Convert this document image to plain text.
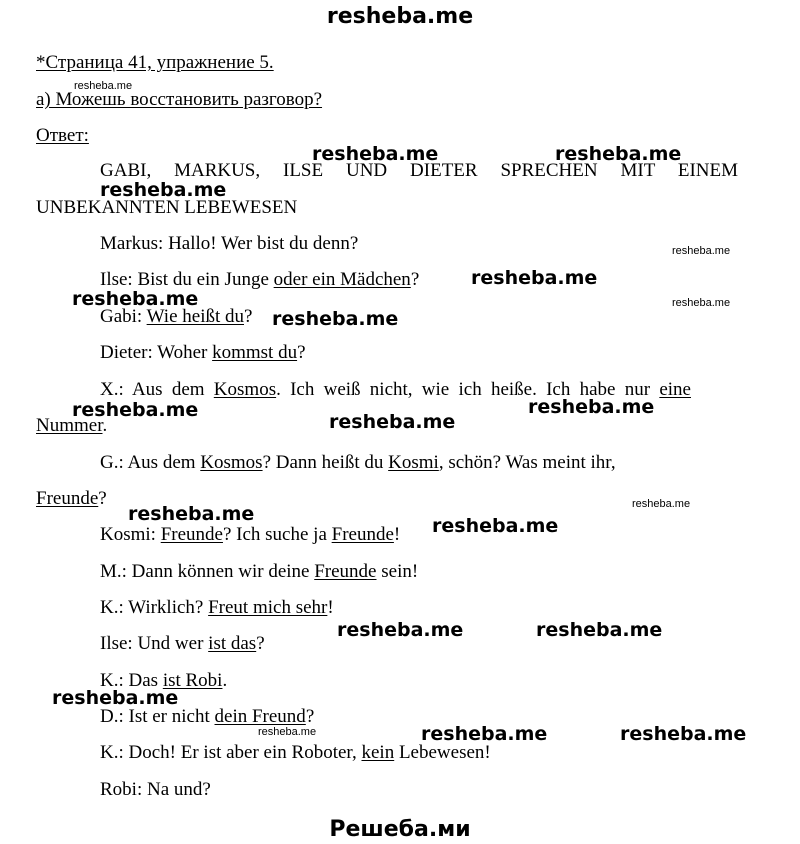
resheba.me
Решеба.ми
*Страница 41, упражнение 5.
а) Можешь восстановить разговор?
Ответ:
GABI, MARKUS, ILSE UND DIETER SPRECHEN MIT EINEM
UNBEKANNTEN LEBEWESEN
Markus: Hallo! Wer bist du denn?
Ilse: Bist du ein Junge oder ein Mädchen?
Gabi: Wie heißt du?
Dieter: Woher kommst du?
X.: Aus dem Kosmos. Ich weiß nicht, wie ich heiße. Ich habe nur eine
Nummer.
G.: Aus dem Kosmos? Dann heißt du Kosmi, schön? Was meint ihr,
Freunde?
Kosmi: Freunde? Ich suche ja Freunde!
M.: Dann können wir deine Freunde sein!
K.: Wirklich? Freut mich sehr!
Ilse: Und wer ist das?
K.: Das ist Robi.
D.: Ist er nicht dein Freund?
K.: Doch! Er ist aber ein Roboter, kein Lebewesen!
Robi: Na und?
resheba.me	resheba.me
resheba.me
resheba.me
resheba.me
resheba.me
resheba.me	resheba.me
resheba.me
resheba.me
resheba.me
resheba.me	resheba.me
resheba.me
resheba.me	resheba.me
resheba.me
resheba.me
resheba.me
resheba.me
resheba.me
